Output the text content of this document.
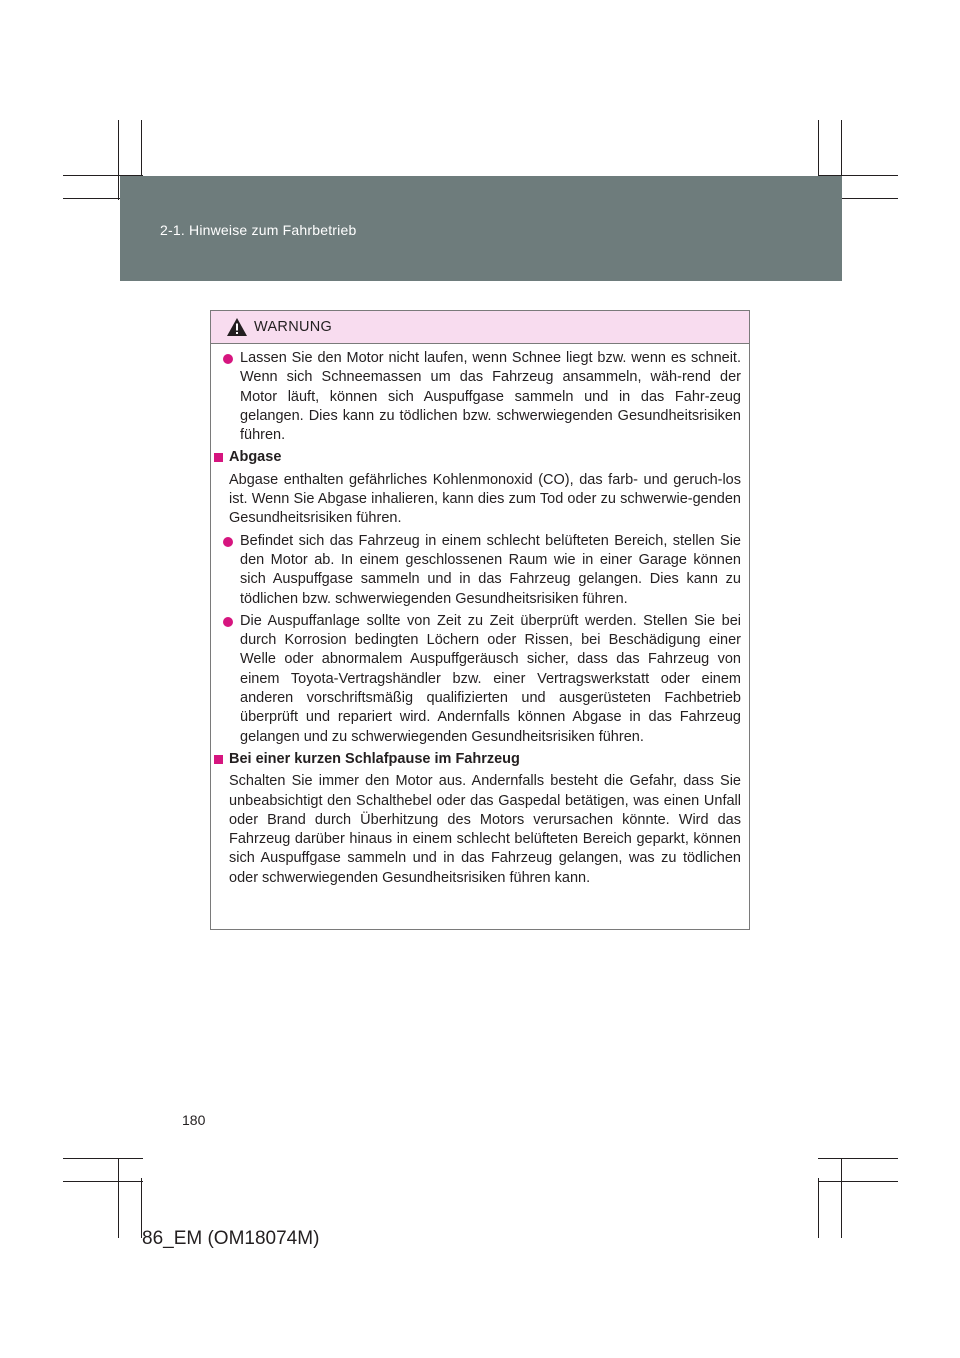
2-1. Hinweise zum Fahrbetrieb
WARNUNG
Lassen Sie den Motor nicht laufen, wenn Schnee liegt bzw. wenn es schneit. Wenn sich Schneemassen um das Fahrzeug ansammeln, wäh-rend der Motor läuft, können sich Auspuffgase sammeln und in das Fahr-zeug gelangen. Dies kann zu tödlichen bzw. schwerwiegenden Gesundheitsrisiken führen.
Abgase
Abgase enthalten gefährliches Kohlenmonoxid (CO), das farb- und geruch-los ist. Wenn Sie Abgase inhalieren, kann dies zum Tod oder zu schwerwie-genden Gesundheitsrisiken führen.
Befindet sich das Fahrzeug in einem schlecht belüfteten Bereich, stellen Sie den Motor ab. In einem geschlossenen Raum wie in einer Garage können sich Auspuffgase sammeln und in das Fahrzeug gelangen. Dies kann zu tödlichen bzw. schwerwiegenden Gesundheitsrisiken führen.
Die Auspuffanlage sollte von Zeit zu Zeit überprüft werden. Stellen Sie bei durch Korrosion bedingten Löchern oder Rissen, bei Beschädigung einer Welle oder abnormalem Auspuffgeräusch sicher, dass das Fahrzeug von einem Toyota-Vertragshändler bzw. einer Vertragswerkstatt oder einem anderen vorschriftsmäßig qualifizierten und ausgerüsteten Fachbetrieb überprüft und repariert wird. Andernfalls können Abgase in das Fahrzeug gelangen und zu schwerwiegenden Gesundheitsrisiken führen.
Bei einer kurzen Schlafpause im Fahrzeug
Schalten Sie immer den Motor aus. Andernfalls besteht die Gefahr, dass Sie unbeabsichtigt den Schalthebel oder das Gaspedal betätigen, was einen Unfall oder Brand durch Überhitzung des Motors verursachen könnte. Wird das Fahrzeug darüber hinaus in einem schlecht belüfteten Bereich geparkt, können sich Auspuffgase sammeln und in das Fahrzeug gelangen, was zu tödlichen oder schwerwiegenden Gesundheitsrisiken führen kann.
180
86_EM (OM18074M)
